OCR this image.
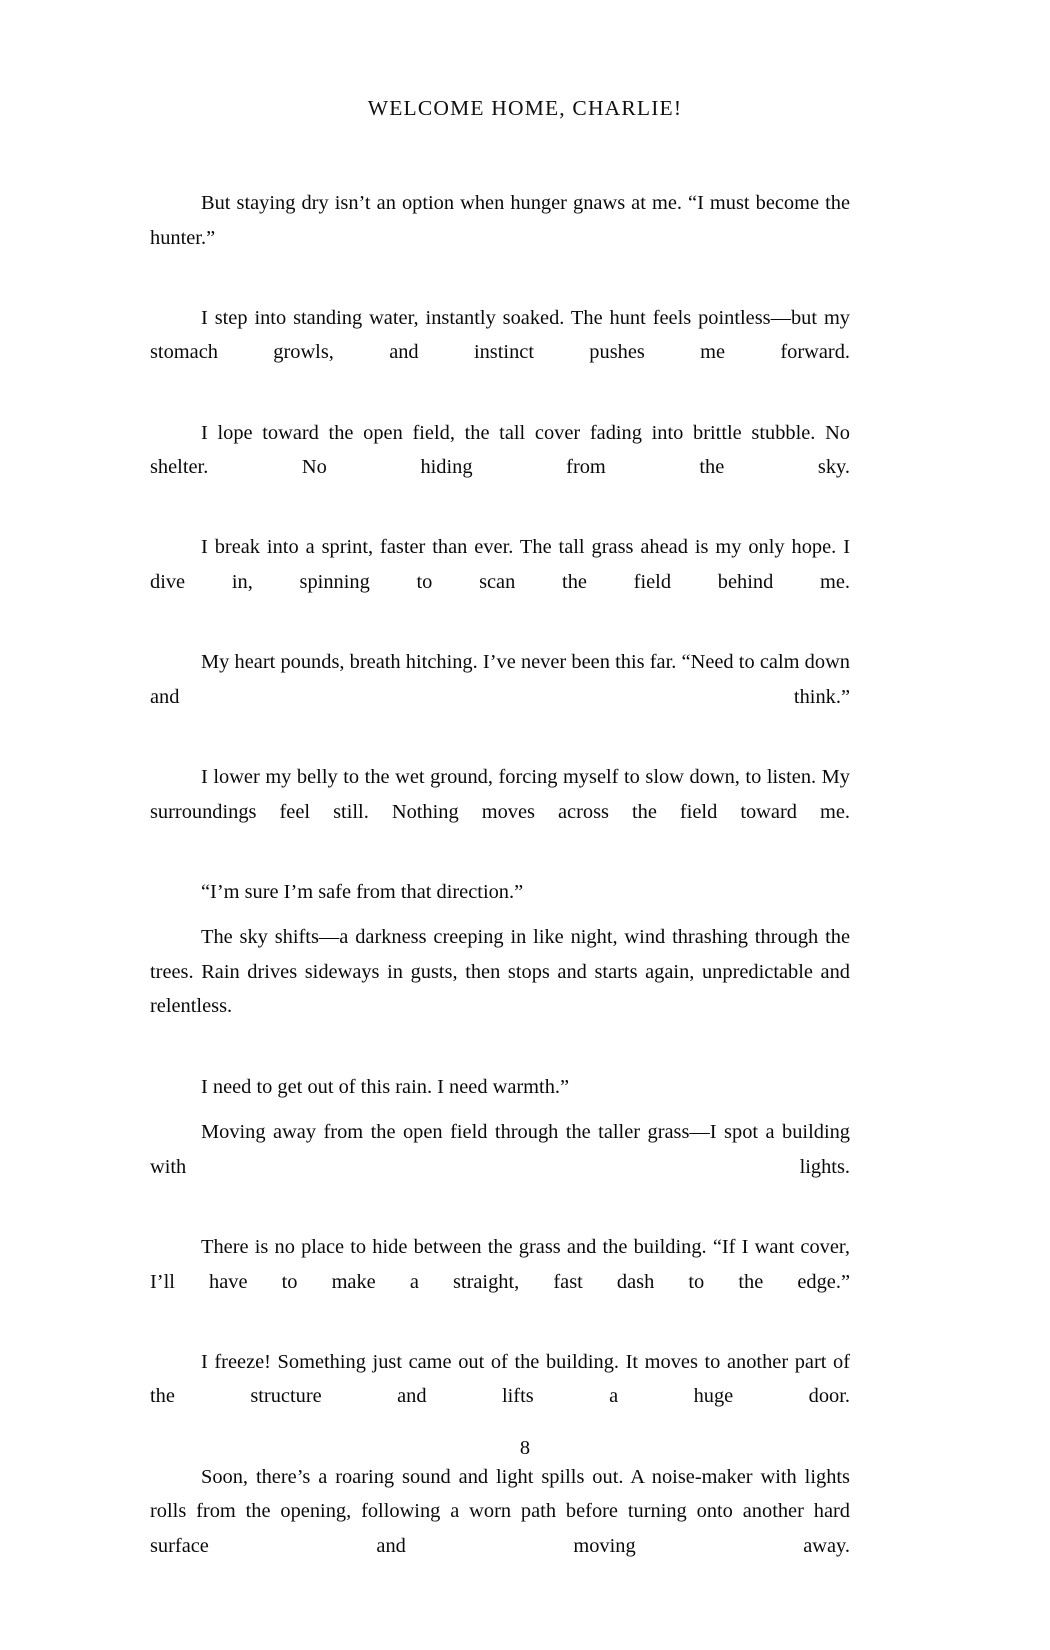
WELCOME HOME, CHARLIE!

But staying dry isn’t an option when hunger gnaws at me. “I must become the hunter.”

I step into standing water, instantly soaked. The hunt feels pointless—but my stomach growls, and instinct pushes me forward.

I lope toward the open field, the tall cover fading into brittle stubble. No shelter. No hiding from the sky.

I break into a sprint, faster than ever. The tall grass ahead is my only hope. I dive in, spinning to scan the field behind me.

My heart pounds, breath hitching. I’ve never been this far. “Need to calm down and think.”

I lower my belly to the wet ground, forcing myself to slow down, to listen. My surroundings feel still. Nothing moves across the field toward me.

“I’m sure I’m safe from that direction.”

The sky shifts—a darkness creeping in like night, wind thrashing through the trees. Rain drives sideways in gusts, then stops and starts again, unpredictable and relentless.

I need to get out of this rain. I need warmth.”

Moving away from the open field through the taller grass—I spot a building with lights.

There is no place to hide between the grass and the building. “If I want cover, I’ll have to make a straight, fast dash to the edge.”

I freeze! Something just came out of the building. It moves to another part of the structure and lifts a huge door.

Soon, there’s a roaring sound and light spills out. A noise-maker with lights rolls from the opening, following a worn path before turning onto another hard surface and moving away.

8
